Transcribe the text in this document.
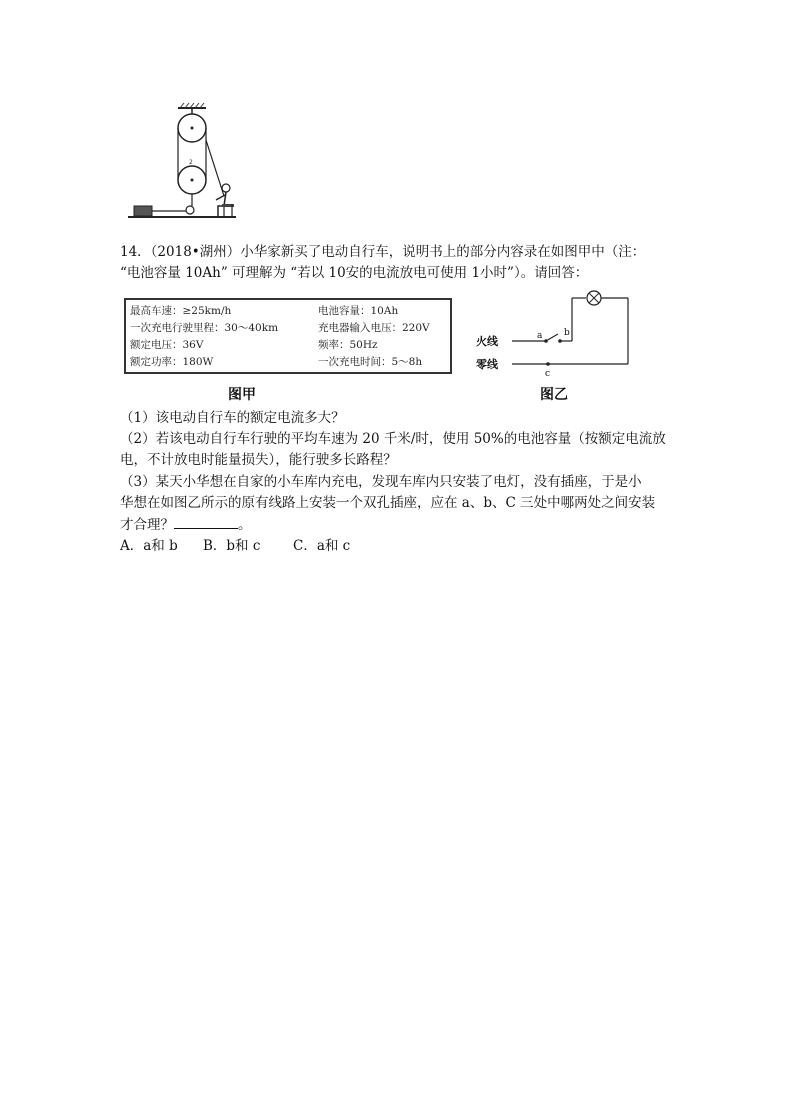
2
14．（2018•湖州）小华家新买了电动自行车，说明书上的部分内容录在如图甲中（注：
“电池容量 10Ah” 可理解为 “若以 10安的电流放电可使用 1小时”）。请回答：
最高车速：≥25km/h	电池容量：10Ah
一次充电行驶里程：30～40km	充电器输入电压：220V
额定电压：36V	频率：50Hz
额定功率：180W	一次充电时间：5～8h
火线
零线
a b
c
图甲	图乙
（1）该电动自行车的额定电流多大？
（2）若该电动自行车行驶的平均车速为 20 千米/时，使用 50%的电池容量（按额定电流放
电，不计放电时能量损失），能行驶多长路程？
（3）某天小华想在自家的小车库内充电，发现车库内只安装了电灯，没有插座，于是小
华想在如图乙所示的原有线路上安装一个双孔插座，应在 a、b、C 三处中哪两处之间安装
才合理？	。
A．a和 b B．b和 c C．a和 c
